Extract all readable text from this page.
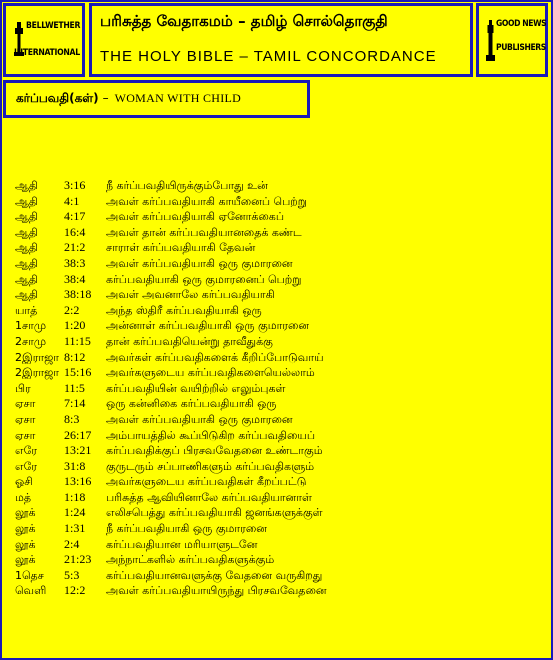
BELLWETHER
INTERNATIONAL
பரிசுத்த வேதாகமம் – தமிழ் சொல்தொகுதி
THE HOLY BIBLE – TAMIL CONCORDANCE
GOOD NEWS
PUBLISHERS
கர்ப்பவதி(கள்) – WOMAN WITH CHILD
ஆதி 3:16 நீ கர்ப்பவதியிருக்கும்போது உன்
ஆதி 4:1 அவள் கர்ப்பவதியாகி காயீனைப் பெற்று
ஆதி 4:17 அவள் கர்ப்பவதியாகி ஏனோக்கைப்
ஆதி 16:4 அவள் தான் கர்ப்பவதியானதைக் கண்ட
ஆதி 21:2 சாராள் கர்ப்பவதியாகி தேவன்
ஆதி 38:3 அவள் கர்ப்பவதியாகி ஒரு குமாரனை
ஆதி 38:4 கர்ப்பவதியாகி ஒரு குமாரனைப் பெற்று
ஆதி 38:18 அவள் அவனாலே கர்ப்பவதியாகி
யாத் 2:2 அந்த ஸ்திரீ கர்ப்பவதியாகி ஒரு
1சாமு 1:20 அன்னாள் கர்ப்பவதியாகி ஒரு குமாரனை
2சாமு 11:15 தான் கர்ப்பவதியென்று தாவீதுக்கு
2இராஜா 8:12 அவர்கள் கர்ப்பவதிகளைக் கீறிப்போடுவாய்
2இராஜா 15:16 அவர்களுடைய கர்ப்பவதிகளையெல்லாம்
பிர	11:5 கர்ப்பவதியின் வயிற்றில் எலும்புகள்
ஏசா 7:14 ஒரு கன்னிகை கர்ப்பவதியாகி ஒரு
ஏசா 8:3 அவள் கர்ப்பவதியாகி ஒரு குமாரனை
ஏசா 26:17 அம்பாயத்தில் கூப்பிடுகிற கர்ப்பவதியைப்
எரே 13:21 கர்ப்பவதிக்குப் பிரசவவேதனை உண்டாகும்
எரே 31:8 குருடரும் சப்பாணிகளும் கர்ப்பவதிகளும்
ஓசி	13:16 அவர்களுடைய கர்ப்பவதிகள் கீறப்பட்டு
மத்	1:18 பரிசுத்த ஆவியினாலே கர்ப்பவதியானாள்
லூக் 1:24 எலிசபெத்து கர்ப்பவதியாகி ஜனங்களுக்குள்
லூக் 1:31 நீ கர்ப்பவதியாகி ஒரு குமாரனை
லூக் 2:4 கர்ப்பவதியான மரியாளுடனே
லூக் 21:23 அந்நாட்களில் கர்ப்பவதிகளுக்கும்
1தெச 5:3 கர்ப்பவதியானவளுக்கு வேதனை வருகிறது
வெளி 12:2 அவள் கர்ப்பவதியாயிருந்து பிரசவவேதனை
